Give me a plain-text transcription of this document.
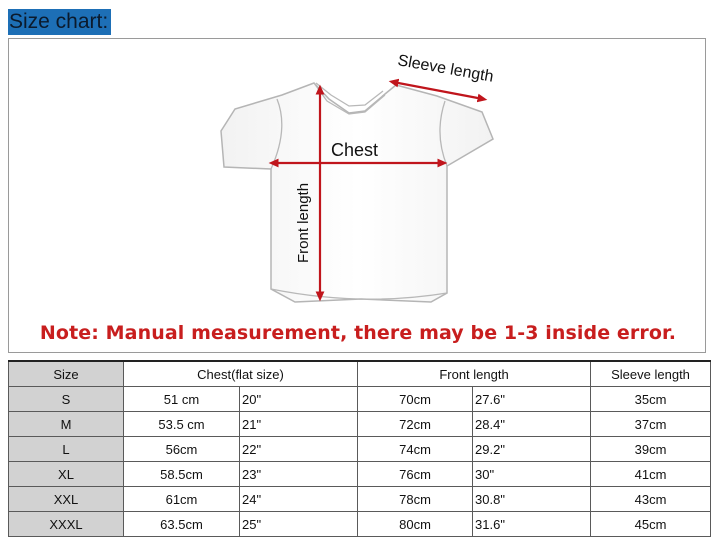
Size chart:
Sleeve length
Chest
Front length
Note: Manual measurement, there may be 1-3 inside error.
Size	Chest(flat size)		Front length		Sleeve length
S	51 cm	20"	70cm	27.6"	35cm
M	53.5 cm	21"	72cm	28.4"	37cm
L	56cm	22"	74cm	29.2"	39cm
XL	58.5cm	23"	76cm	30"	41cm
XXL	61cm	24"	78cm	30.8"	43cm
XXXL	63.5cm	25"	80cm	31.6"	45cm
